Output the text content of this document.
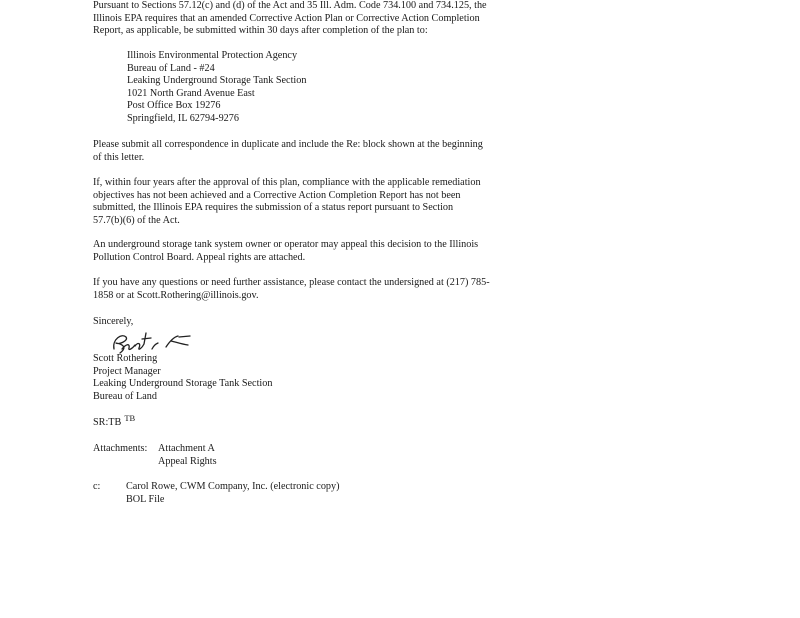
Pursuant to Sections 57.12(c) and (d) of the Act and 35 Ill. Adm. Code 734.100 and 734.125, the
Illinois EPA requires that an amended Corrective Action Plan or Corrective Action Completion
Report, as applicable, be submitted within 30 days after completion of the plan to:
Illinois Environmental Protection Agency
Bureau of Land - #24
Leaking Underground Storage Tank Section
1021 North Grand Avenue East
Post Office Box 19276
Springfield, IL 62794-9276
Please submit all correspondence in duplicate and include the Re: block shown at the beginning
of this letter.
If, within four years after the approval of this plan, compliance with the applicable remediation
objectives has not been achieved and a Corrective Action Completion Report has not been
submitted, the Illinois EPA requires the submission of a status report pursuant to Section
57.7(b)(6) of the Act.
An underground storage tank system owner or operator may appeal this decision to the Illinois
Pollution Control Board. Appeal rights are attached.
If you have any questions or need further assistance, please contact the undersigned at (217) 785-
1858 or at Scott.Rothering@illinois.gov.
Sincerely,
Scott Rothering
Project Manager
Leaking Underground Storage Tank Section
Bureau of Land
SR:TB $^{TB}$
Attachments: Attachment A
Appeal Rights
c:	Carol Rowe, CWM Company, Inc. (electronic copy)
BOL File
